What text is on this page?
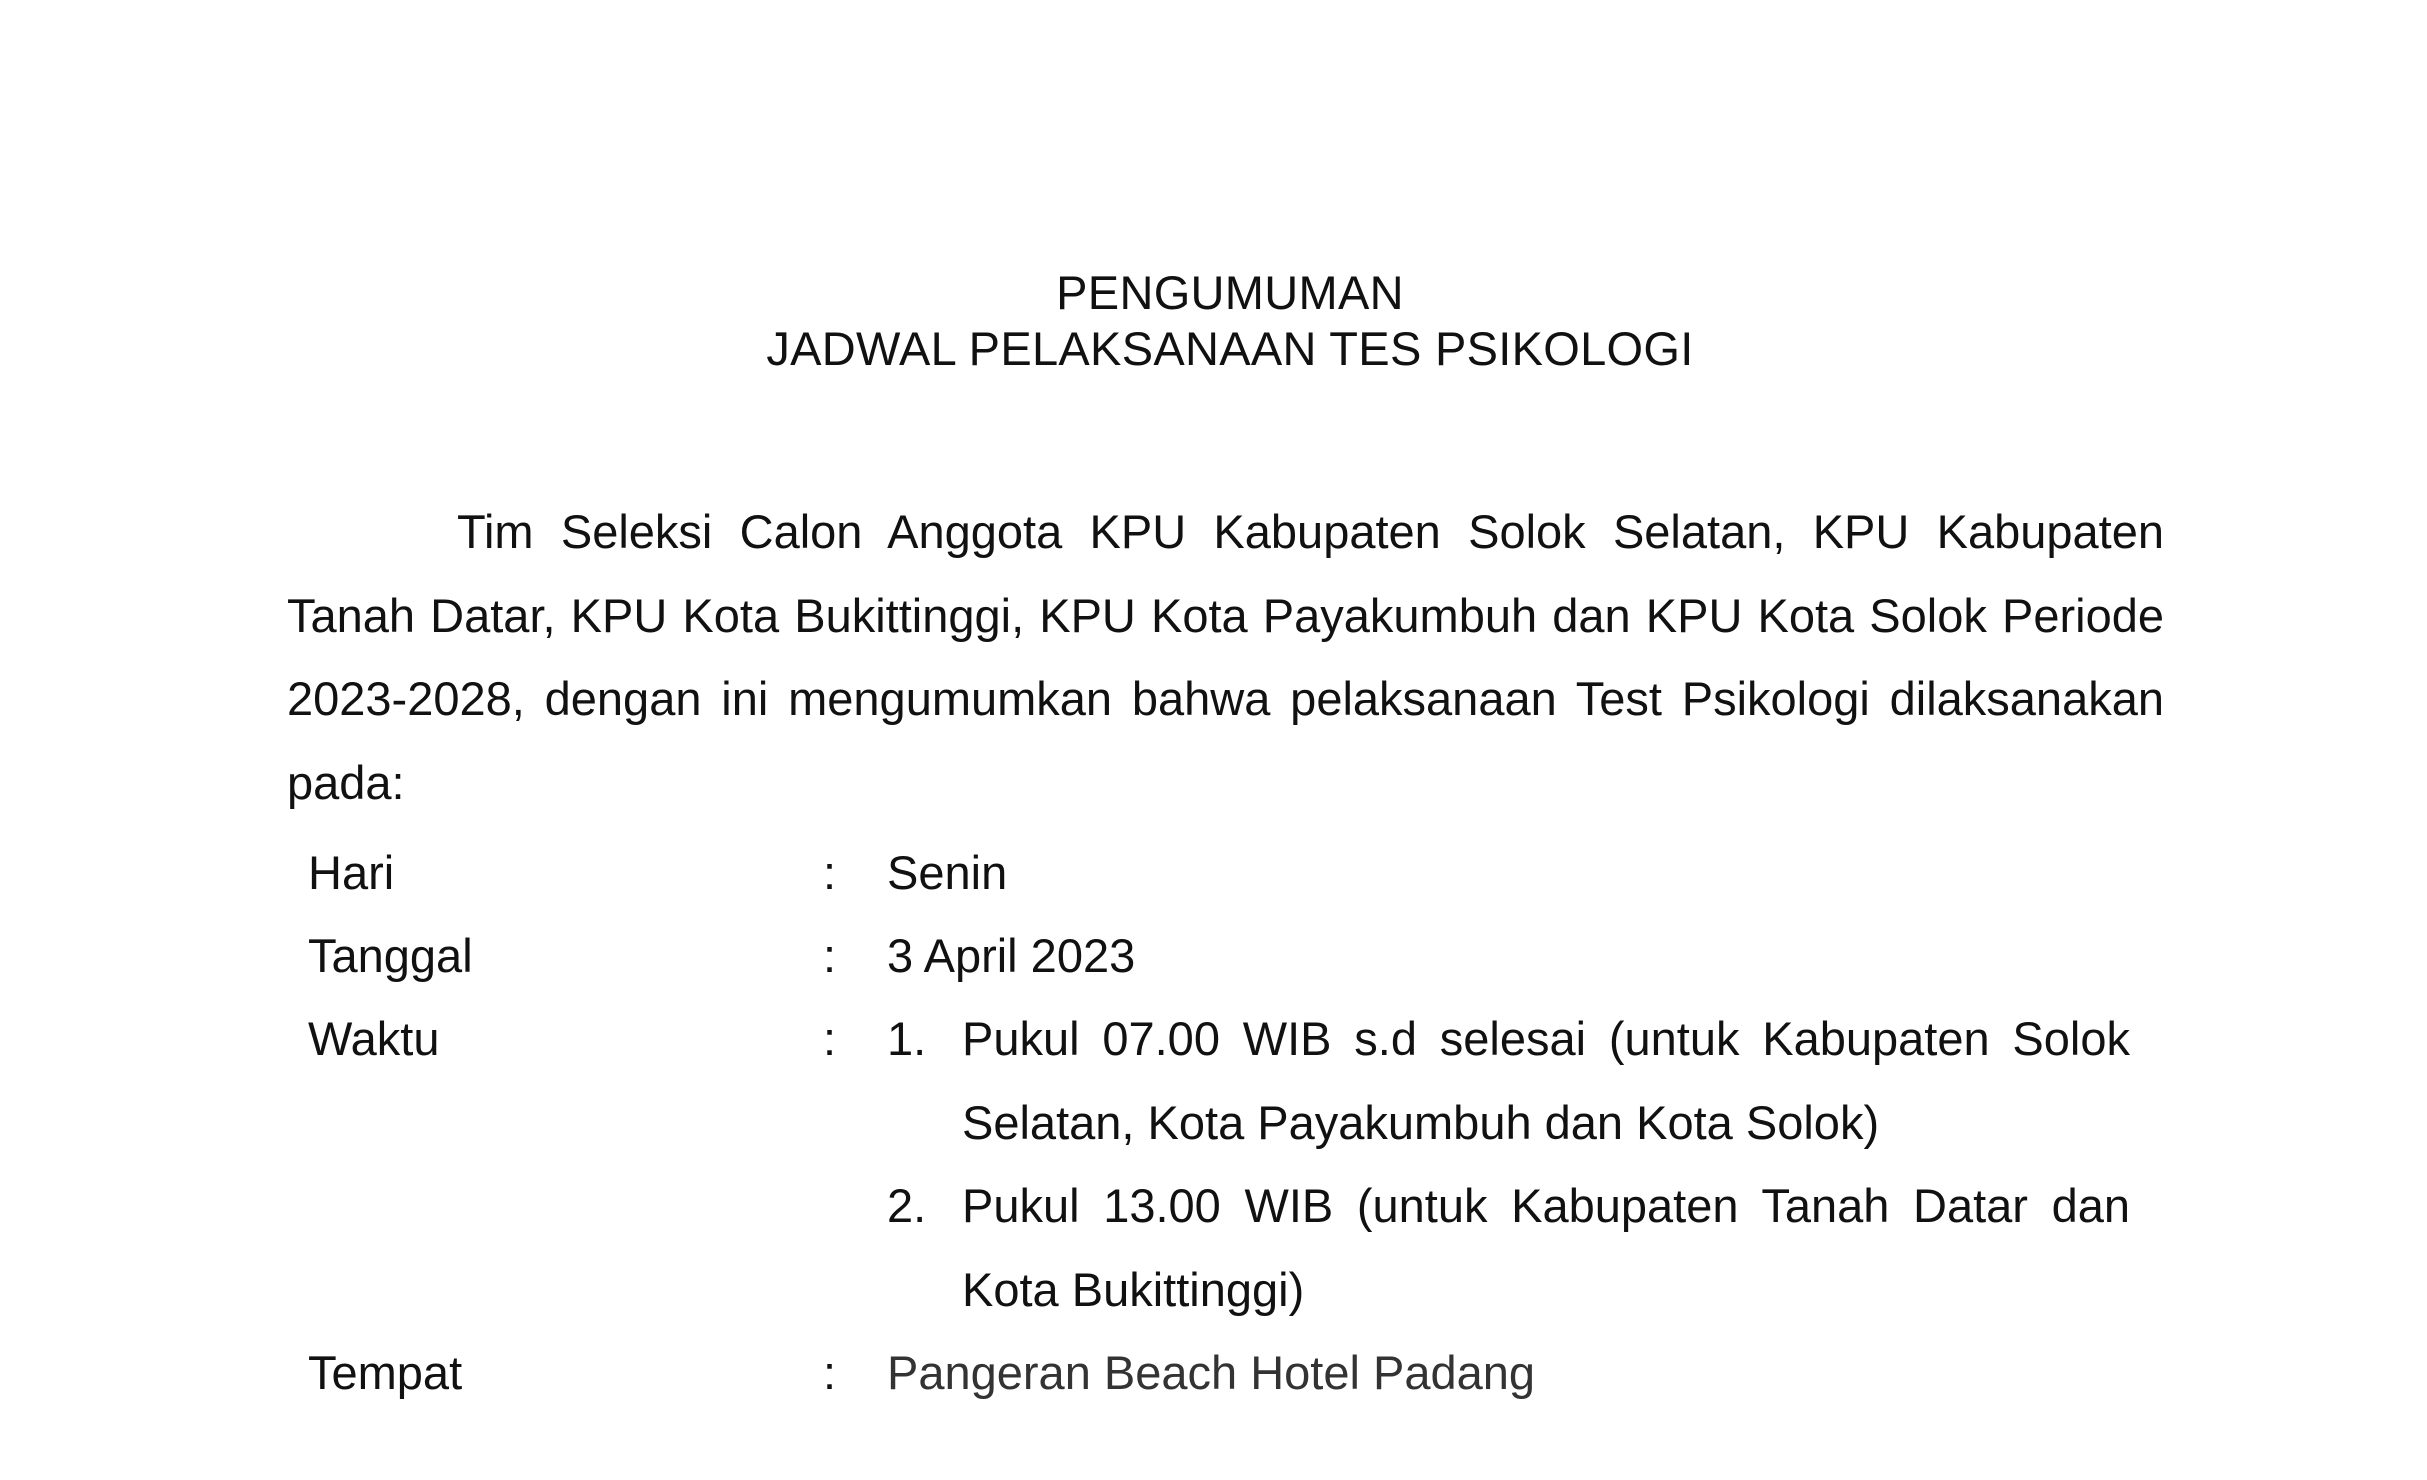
PENGUMUMAN
JADWAL PELAKSANAAN TES PSIKOLOGI

Tim Seleksi Calon Anggota KPU Kabupaten Solok Selatan, KPU Kabupaten Tanah Datar, KPU Kota Bukittinggi, KPU Kota Payakumbuh dan KPU Kota Solok Periode 2023-2028, dengan ini mengumumkan bahwa pelaksanaan Test Psikologi dilaksanakan pada:

Hari	: Senin
Tanggal	: 3 April 2023
Waktu	: 1. Pukul 07.00 WIB s.d selesai (untuk Kabupaten Solok Selatan, Kota Payakumbuh dan Kota Solok)
2. Pukul 13.00 WIB (untuk Kabupaten Tanah Datar dan Kota Bukittinggi)
Tempat	: Pangeran Beach Hotel Padang
